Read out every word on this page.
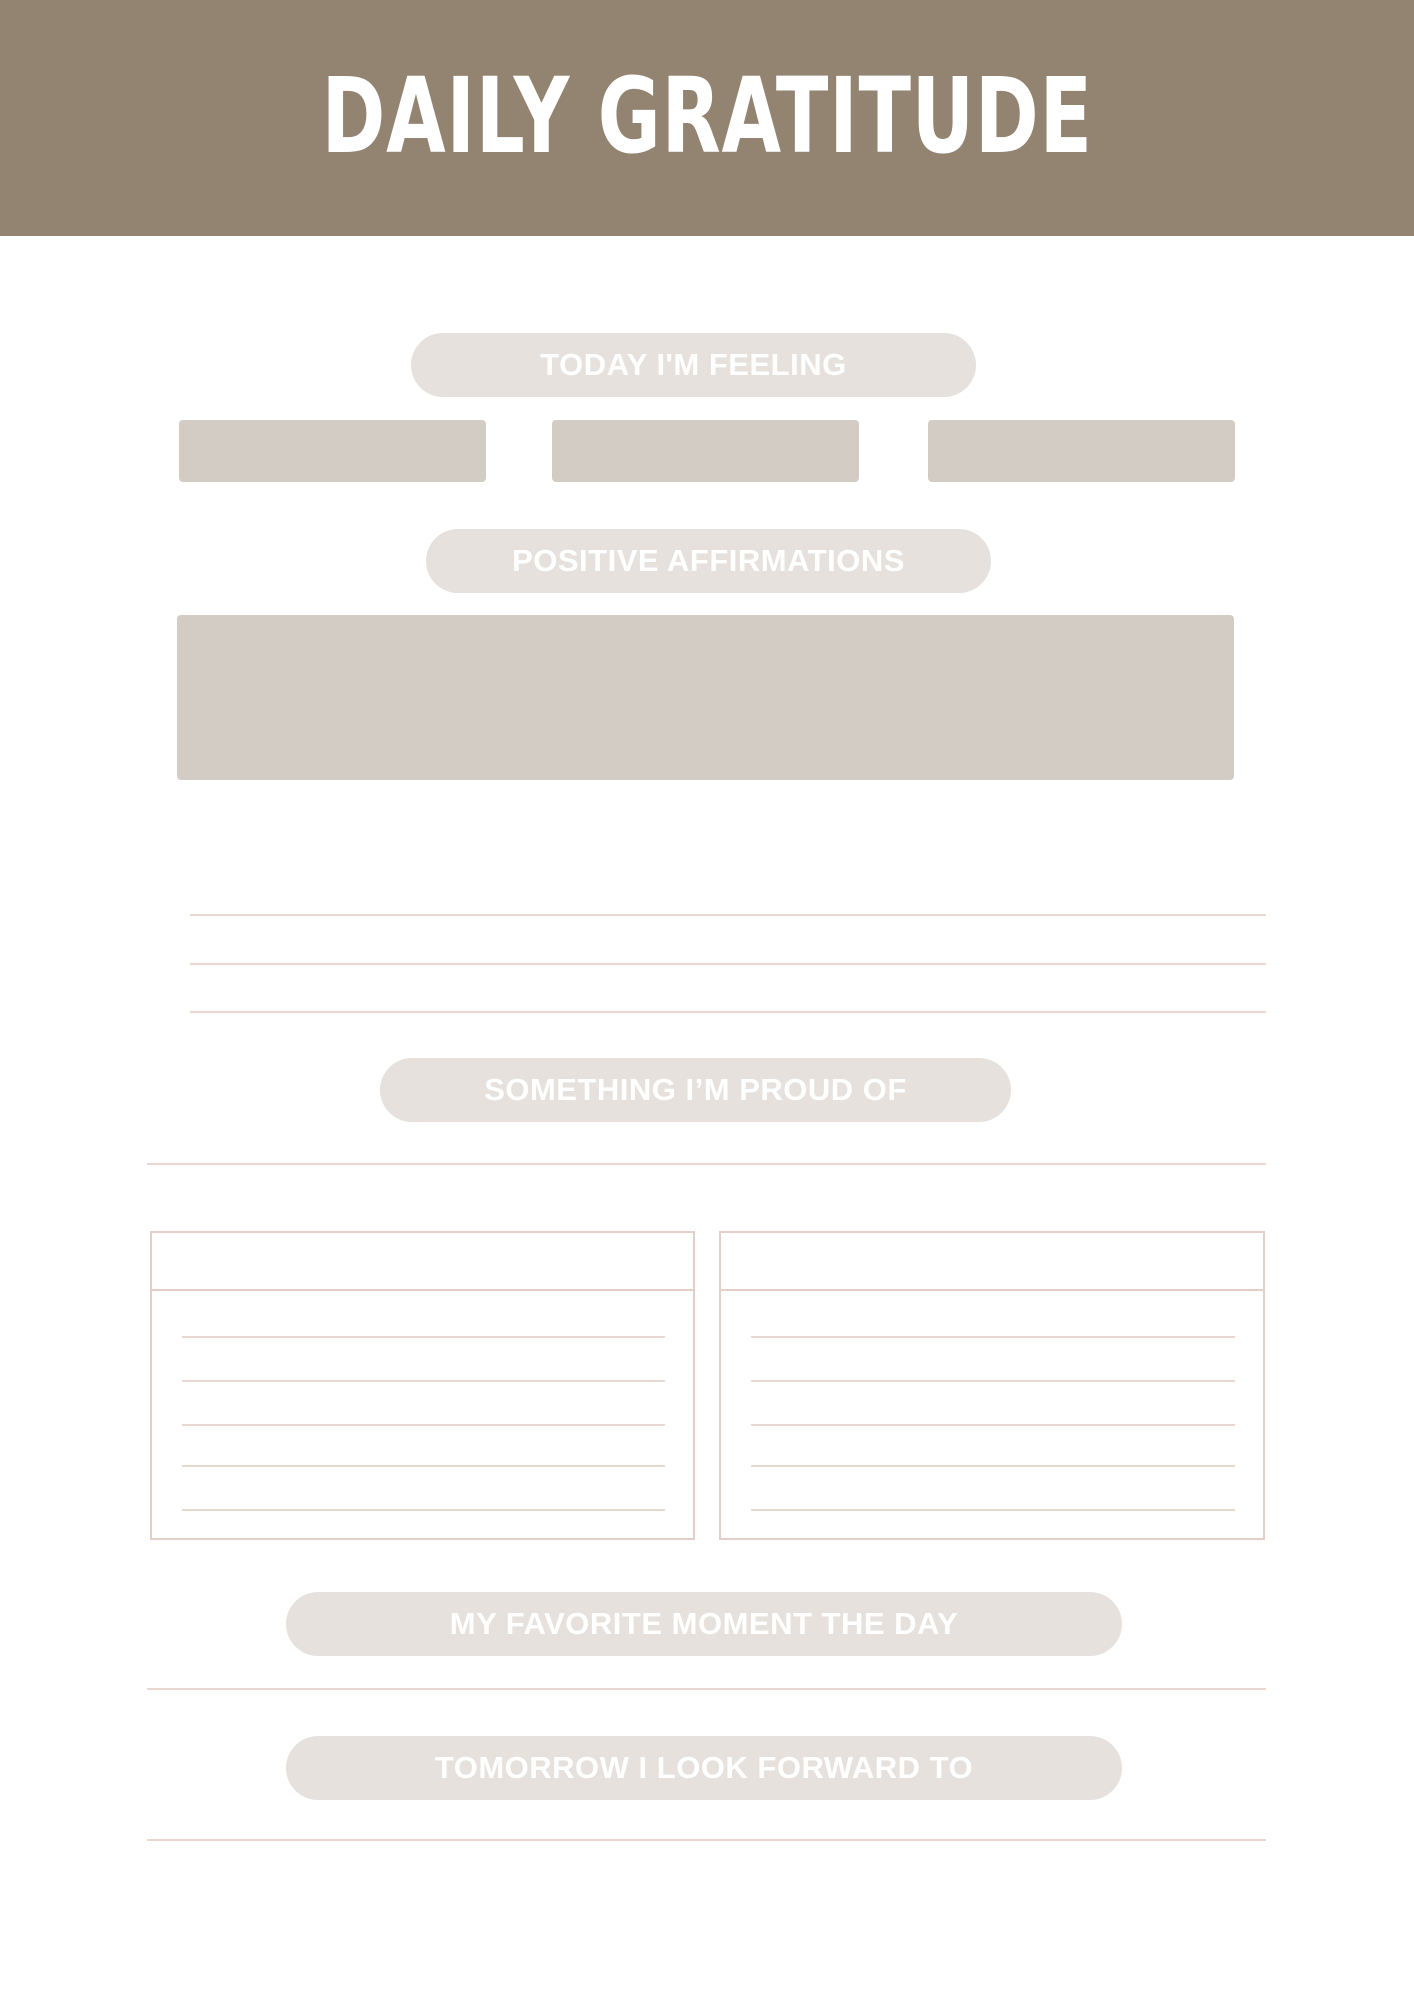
DAILY GRATITUDE
TODAY I'M FEELING
POSITIVE AFFIRMATIONS
SOMETHING I’M PROUD OF
MY FAVORITE MOMENT THE DAY
TOMORROW I LOOK FORWARD TO
